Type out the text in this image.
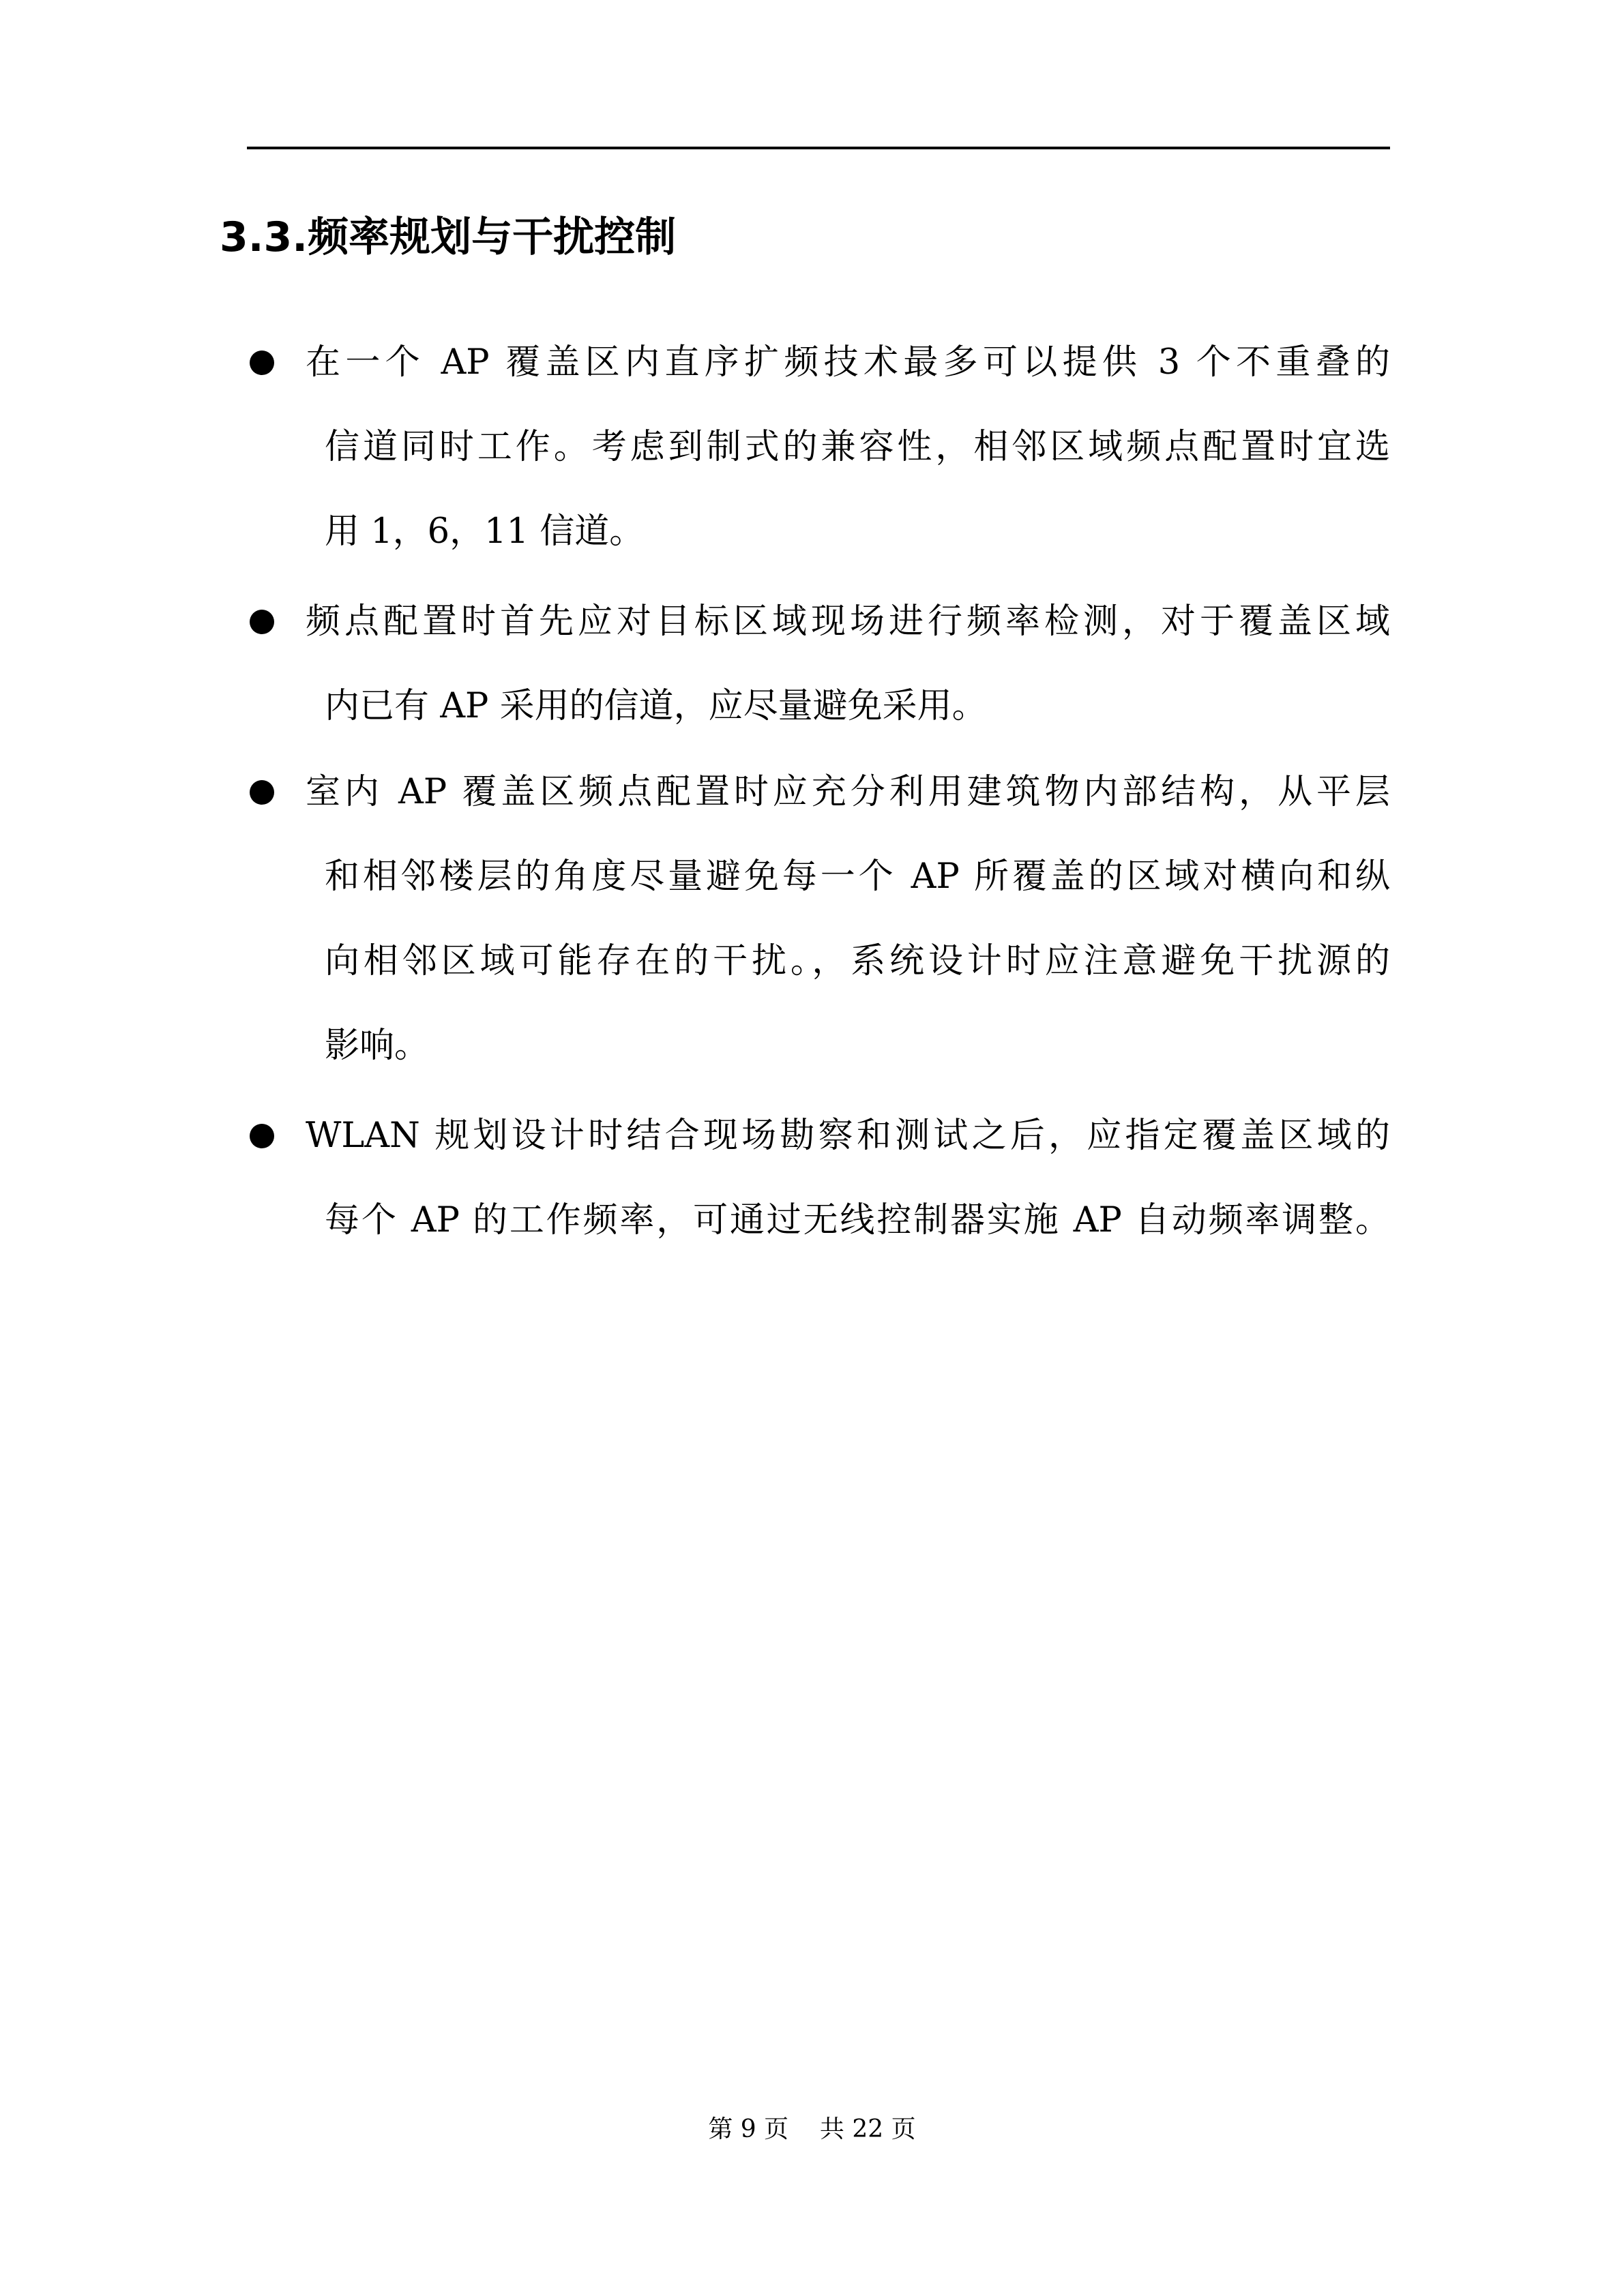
3.3.频率规划与干扰控制
在一个 AP 覆盖区内直序扩频技术最多可以提供 3 个不重叠的
信道同时工作。考虑到制式的兼容性，相邻区域频点配置时宜选
用 1，6，11 信道。
频点配置时首先应对目标区域现场进行频率检测，对于覆盖区域
内已有 AP 采用的信道，应尽量避免采用。
室内 AP 覆盖区频点配置时应充分利用建筑物内部结构，从平层
和相邻楼层的角度尽量避免每一个 AP 所覆盖的区域对横向和纵
向相邻区域可能存在的干扰。，系统设计时应注意避免干扰源的
影响。
WLAN 规划设计时结合现场勘察和测试之后，应指定覆盖区域的
每个 AP 的工作频率，可通过无线控制器实施 AP 自动频率调整。
第 9 页    共 22 页
